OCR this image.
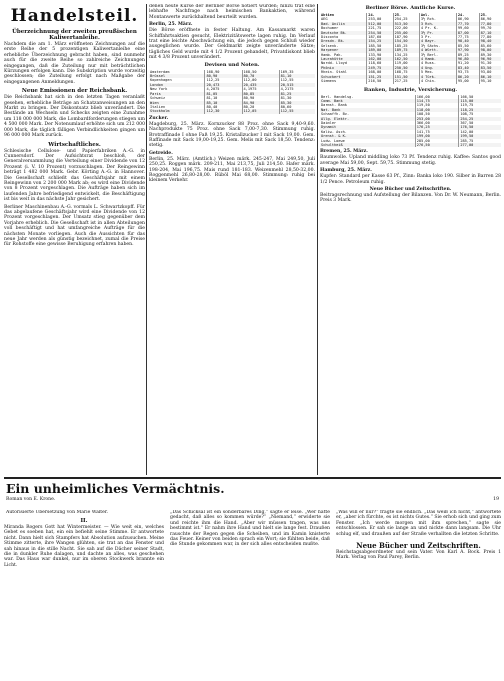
Handelsteil.
Überzeichnung der zweiten preußischen Kaliwertanleihe.

Nachdem die am 1. März eröffneten Zeichnungen auf die erste Reihe der 5 prozentigen Kaliwertanleihe eine erhebliche Überzeichnung gebracht haben, sind nunmehr auch für die zweite Reihe so zahlreiche Zeichnungen eingegangen, daß die Zuteilung nur mit beträchtlichen Kürzungen erfolgen kann. Die Subskription wurde vorzeitig geschlossen; die Zuteilung erfolgt nach Maßgabe der eingegangenen Anmeldungen.

Neue Emissionen der Reichsbank.

Die Reichsbank hat sich in den letzten Tagen veranlaßt gesehen, erhebliche Beträge an Schatzanweisungen an den Markt zu bringen. Der Diskontsatz blieb unverändert. Die Bestände an Wechseln und Schecks zeigten eine Zunahme um 118 000 000 Mark, die Lombardforderungen stiegen um 4 500 000 Mark. Der Notenumlauf erhöhte sich um 212 000 000 Mark, die täglich fälligen Verbindlichkeiten gingen um 96 000 000 Mark zurück.

Wirtschaftliches.

Schlesische Cellulose- und Papierfabriken A.-G. in Cunnersdorf. Der Aufsichtsrat beschloß, der Generalversammlung die Verteilung einer Dividende von 12 Prozent (i. V. 10 Prozent) vorzuschlagen. Der Reingewinn beträgt 1 482 000 Mark. Gebr. Körting A.-G. in Hannover. Die Gesellschaft schließt das Geschäftsjahr mit einem Reingewinn von 2 200 000 Mark ab; es wird eine Dividende von 8 Prozent vorgeschlagen. Die Aufträge haben sich im laufenden Jahre befriedigend entwickelt, die Beschäftigung ist bis weit in das nächste Jahr gesichert.

Berliner Maschinenbau A.-G. vormals L. Schwartzkopff. Für das abgelaufene Geschäftsjahr wird eine Dividende von 12 Prozent vorgeschlagen. Der Umsatz stieg gegenüber dem Vorjahre erheblich. Die Gesellschaft ist in allen Abteilungen voll beschäftigt und hat umfangreiche Aufträge für die nächsten Monate vorliegen. Auch die Aussichten für das neue Jahr werden als günstig bezeichnet, zumal die Preise für Rohstoffe eine gewisse Beruhigung erfahren haben.

denen heute Kurse der Berliner Börse notiert wurden; hinzu trat eine lebhafte Nachfrage nach heimischen Bankaktien, während Montanwerte zurückhaltend beurteilt wurden.

Berlin, 25. März.

Die Börse eröffnete in fester Haltung. Am Kassamarkt waren Schiffahrtsaktien gesucht, Elektrizitätswerte lagen ruhig. Im Verlauf trat eine leichte Abschwächung ein, die jedoch gegen Schluß wieder ausgeglichen wurde. Der Geldmarkt zeigte unveränderte Sätze; tägliches Geld wurde mit 4 1/2 Prozent gehandelt, Privatdiskont blieb mit 4 3/8 Prozent unverändert.

Devisen und Noten.
Amsterdam	168,90	168,50	169,35
Brüssel	80,90	80,70	81,10
Kopenhagen	112,25	112,00	112,55
London	20,473	20,435	20,515
New York	4,2075	4,1975	4,2175
Paris	81,05	80,85	81,25
Schweiz	81,10	80,90	81,30
Wien	85,10	84,90	85,30
Italien	80,40	80,20	80,60
Stockholm	112,30	112,05	112,55
Zucker.

Magdeburg, 25. März. Kornzucker 88 Proz. ohne Sack 9,40-9,60. Nachprodukte 75 Proz. ohne Sack 7,00-7,30. Stimmung ruhig. Brotraffinade I ohne Faß 19,25. Kristallzucker I mit Sack 19,00. Gem. Raffinade mit Sack 19,00-19,25. Gem. Melis mit Sack 18,50. Tendenz: stetig.

Getreide.

Berlin, 25. März. (Amtlich.) Weizen märk. 245-247, Mai 249,50, Juli 250,25. Roggen märk. 209-211, Mai 213,75, Juli 214,50. Hafer märk. 198-204, Mai 196,75. Mais rund 181-183. Weizenmehl 28,50-32,00. Roggenmehl 26,80-28,00. Rüböl Mai 68,00. Stimmung: ruhig bei kleinem Verkehr.

Berliner Börse. Amtliche Kurse.
Aktien	24.	25.	Anl.	24.	25.
AEG	253,00	254,25	3½ Rch.	86,90	86,90
Bad. Anilin	512,00	513,50	3 Rch.	77,70	77,80
Bochumer	221,75	222,00	4 Pr. K.	99,60	99,70
Deutsche Bk.	254,50	255,00	3½ Pr.	87,00	87,10
Disconto	187,60	187,90	3 Pr.	77,75	77,80
Dresdn. Bk.	154,25	154,50	4 Bayr.	98,40	98,40
Gelsenk.	185,50	185,25	3½ Sächs.	85,50	85,60
Harpener	189,00	189,75	4 Württ.	97,90	98,00
Hamb. Pak.	133,90	134,25	3½ Berl.	89,25	89,30
Laurahütte	162,00	162,50	4 Hamb.	96,80	96,90
Nordd. Lloyd	118,60	119,00	4 Russ.	91,20	91,30
Phönix	249,75	250,50	4 Ung.	83,40	83,50
Rhein. Stahl	168,00	168,75	5 Mex.	93,75	93,80
Schuckert	151,25	151,50	4 Türk.	86,20	86,10
Siemens	216,50	217,25	4 Chin.	95,00	95,10
Banken, Industrie, Versicherung.
Berl. Handelsg.	166,00	166,50
Comm. Bank	114,75	115,00
Darmst. Bank	119,50	119,75
Nat. Bank	118,00	118,25
Schaaffh. Bv.	108,50	108,75
Allg. Elektr.	253,00	254,25
Daimler	366,00	367,50
Dynamit	176,25	176,50
Kaliw. Asch.	141,75	142,00
Orenst. & K.	199,00	199,50
Ludw. Loewe	285,00	285,75
Schultheiß	276,50	277,00
Bremen, 25. März.

Baumwolle. Upland middling loko 73 Pf. Tendenz ruhig. Kaffee: Santos good average Mai 59,00, Sept. 59,75. Stimmung stetig.

Hamburg, 25. März.

Kupfer: Standard per Kasse 63 Pf., Zinn: Banka loko 190. Silber in Barren 28 1/2 Pence. Petroleum ruhig.

Neue Bücher und Zeitschriften.

Beitragsrechnung und Aufstellung der Bilanzen. Von Dr. W. Neumann, Berlin. Preis 3 Mark.

Ein unheimliches Vermächtnis.
Roman von E. Krone.	19
Autorisierte Übersetzung von Marie Walter.
II.

Miranda Rogers Gott hat Wintermeister. — Wie weit ein, welches Gebet es soeben hat, ein ein befiehlt seine Stimme. Er antwortete nicht. Dann hielt sich Stampfers hat Absolution aufzusuchen. Meine Stimme zitterte, ihre Wangen glühten, sie trat an das Fenster und sah hinaus in die stille Nacht. Sie sah auf die Dächer seiner Stadt, die in dunkler Ruhe dalagen, und dachte an alles, was geschehen war. Das Haus war dunkel, nur im oberen Stockwerk brannte ein Licht.

„Das Schicksal ist ein sonderbares Ding,“ sagte er leise. „Wer hätte gedacht, daß alles so kommen würde?“ „Niemand,“ erwiderte sie und reichte ihm die Hand. „Aber wir müssen tragen, was uns bestimmt ist.“ Er nahm ihre Hand und hielt sie lange fest. Draußen rauschte der Regen gegen die Scheiben, und im Kamin knisterte das Feuer. Keiner von beiden sprach ein Wort; sie fühlten beide, daß die Stunde gekommen war, in der sich alles entscheiden mußte.

„Was will er nur?“ fragte sie endlich. „Das weiß ich nicht,“ antwortete er, „aber ich fürchte, es ist nichts Gutes.“ Sie erhob sich und ging zum Fenster. „Ich werde morgen mit ihm sprechen,“ sagte sie entschlossen. Er sah sie lange an und nickte dann langsam. Die Uhr schlug elf, und draußen auf der Straße verhallten die letzten Schritte.

Neue Bücher und Zeitschriften.

Reichstagsabgeordneter und sein Vater. Von Karl A. Bock. Preis 1 Mark. Verlag von Paul Parey, Berlin.
